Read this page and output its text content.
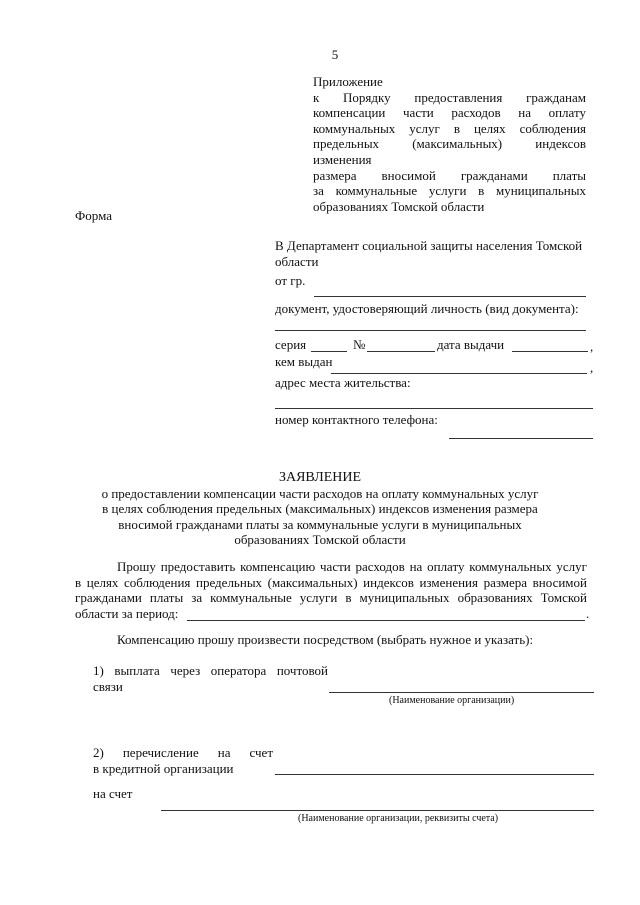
5
Приложение
к Порядку предоставления гражданам
компенсации части расходов на оплату
коммунальных услуг в целях соблюдения
предельных (максимальных) индексов изменения
размера вносимой гражданами платы
за коммунальные услуги в муниципальных
образованиях Томской области
Форма
В Департамент социальной защиты населения Томской
области
от гр.
документ, удостоверяющий личность (вид документа):
серия	№	дата выдачи	,
кем выдан	,
адрес места жительства:
номер контактного телефона:
ЗАЯВЛЕНИЕ
о предоставлении компенсации части расходов на оплату коммунальных услуг
в целях соблюдения предельных (максимальных) индексов изменения размера
вносимой гражданами платы за коммунальные услуги в муниципальных
образованиях Томской области
Прошу предоставить компенсацию части расходов на оплату коммунальных услуг
в целях соблюдения предельных (максимальных) индексов изменения размера вносимой
гражданами платы за коммунальные услуги в муниципальных образованиях Томской
области за период:	.
Компенсацию прошу произвести посредством (выбрать нужное и указать):
1) выплата через оператора почтовой
связи
(Наименование организации)
2) перечисление на счет
в кредитной организации
на счет
(Наименование организации, реквизиты счета)
